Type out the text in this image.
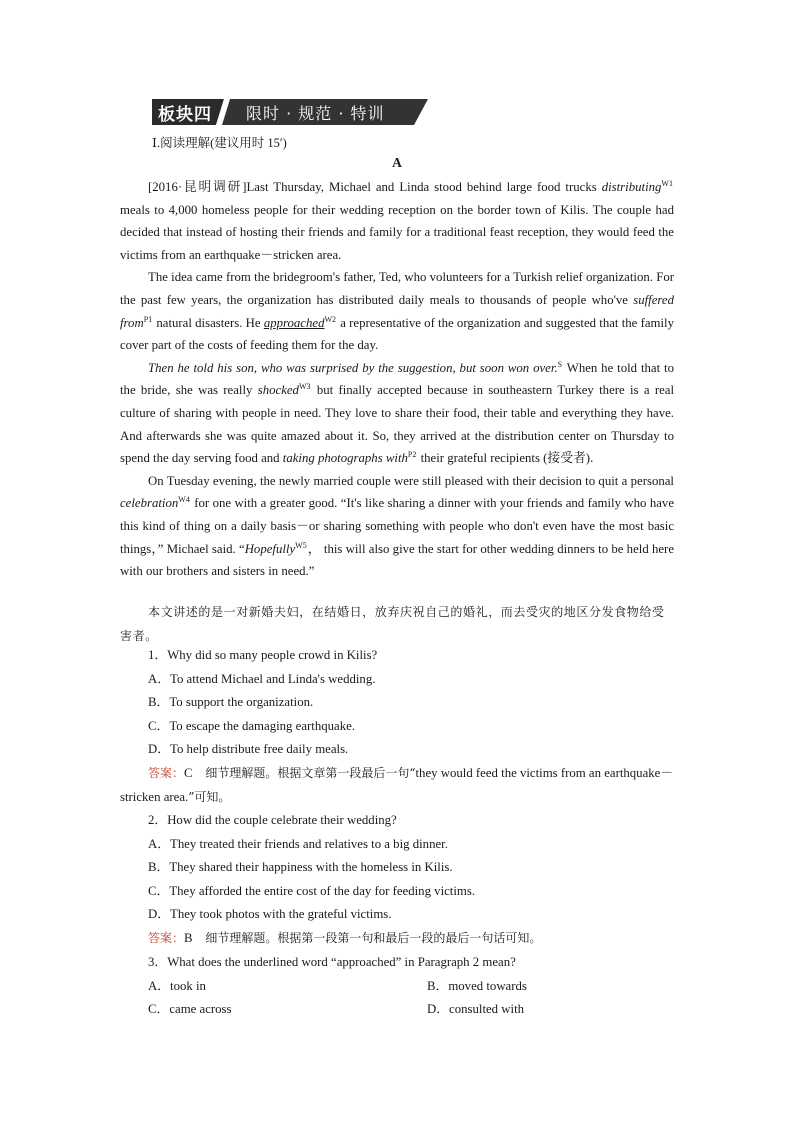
板块四 限时 · 规范 · 特训
Ⅰ.阅读理解(建议用时 15′)
A

[2016·昆明调研]Last Thursday, Michael and Linda stood behind large food trucks distributing$^{W1}$ meals to 4,000 homeless people for their wedding reception on the border town of Kilis. The couple had decided that instead of hosting their friends and family for a traditional feast reception, they would feed the victims from an earthquake－stricken area.

The idea came from the bridegroom's father, Ted, who volunteers for a Turkish relief organization. For the past few years, the organization has distributed daily meals to thousands of people who've suffered from$^{P1}$ natural disasters. He approached$^{W2}$ a representative of the organization and suggested that the family cover part of the costs of feeding them for the day.

Then he told his son, who was surprised by the suggestion, but soon won over.$^S$ When he told that to the bride, she was really shocked$^{W3}$ but finally accepted because in southeastern Turkey there is a real culture of sharing with people in need. They love to share their food, their table and everything they have. And afterwards she was quite amazed about it. So, they arrived at the distribution center on Thursday to spend the day serving food and taking photographs with$^{P2}$ their grateful recipients (接受者).

On Tuesday evening, the newly married couple were still pleased with their decision to quit a personal celebration$^{W4}$ for one with a greater good. “It's like sharing a dinner with your friends and family who have this kind of thing on a daily basis－or sharing something with people who don't even have the most basic things，” Michael said. “Hopefully$^{W5}$， this will also give the start for other wedding dinners to be held here with our brothers and sisters in need.”

本文讲述的是一对新婚夫妇，在结婚日，放弃庆祝自己的婚礼，而去受灾的地区分发食物给受害者。
1．Why did so many people crowd in Kilis?
A．To attend Michael and Linda's wedding.
B．To support the organization.
C．To escape the damaging earthquake.
D．To help distribute free daily meals.
答案：C　 细节理解题。根据文章第一段最后一句“they would feed the victims from an earthquake－stricken area.”可知。
2．How did the couple celebrate their wedding?
A．They treated their friends and relatives to a big dinner.
B．They shared their happiness with the homeless in Kilis.
C．They afforded the entire cost of the day for feeding victims.
D．They took photos with the grateful victims.
答案：B　 细节理解题。根据第一段第一句和最后一段的最后一句话可知。
3．What does the underlined word “approached” in Paragraph 2 mean?
A．took in	B．moved towards
C．came across	D．consulted with
